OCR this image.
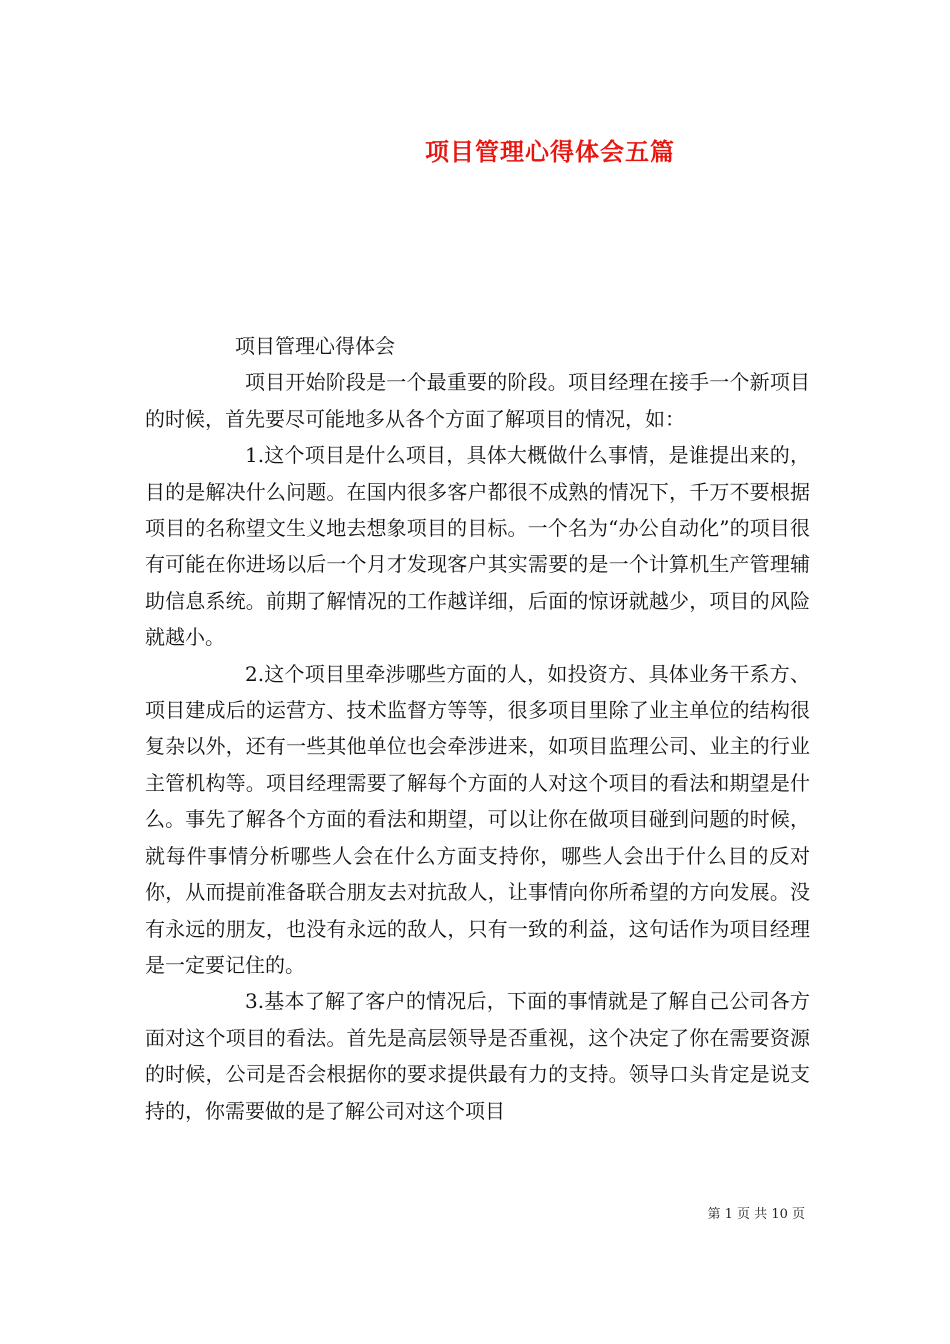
项目管理心得体会五篇

项目管理心得体会

项目开始阶段是一个最重要的阶段。项目经理在接手一个新项目的时候，首先要尽可能地多从各个方面了解项目的情况，如：

1.这个项目是什么项目，具体大概做什么事情，是谁提出来的，目的是解决什么问题。在国内很多客户都很不成熟的情况下，千万不要根据项目的名称望文生义地去想象项目的目标。一个名为“办公自动化”的项目很有可能在你进场以后一个月才发现客户其实需要的是一个计算机生产管理辅助信息系统。前期了解情况的工作越详细，后面的惊讶就越少，项目的风险就越小。

2.这个项目里牵涉哪些方面的人，如投资方、具体业务干系方、项目建成后的运营方、技术监督方等等，很多项目里除了业主单位的结构很复杂以外，还有一些其他单位也会牵涉进来，如项目监理公司、业主的行业主管机构等。项目经理需要了解每个方面的人对这个项目的看法和期望是什么。事先了解各个方面的看法和期望，可以让你在做项目碰到问题的时候，就每件事情分析哪些人会在什么方面支持你，哪些人会出于什么目的反对你，从而提前准备联合朋友去对抗敌人，让事情向你所希望的方向发展。没有永远的朋友，也没有永远的敌人，只有一致的利益，这句话作为项目经理是一定要记住的。

3.基本了解了客户的情况后，下面的事情就是了解自己公司各方面对这个项目的看法。首先是高层领导是否重视，这个决定了你在需要资源的时候，公司是否会根据你的要求提供最有力的支持。领导口头肯定是说支持的，你需要做的是了解公司对这个项目

第 1 页 共 10 页
